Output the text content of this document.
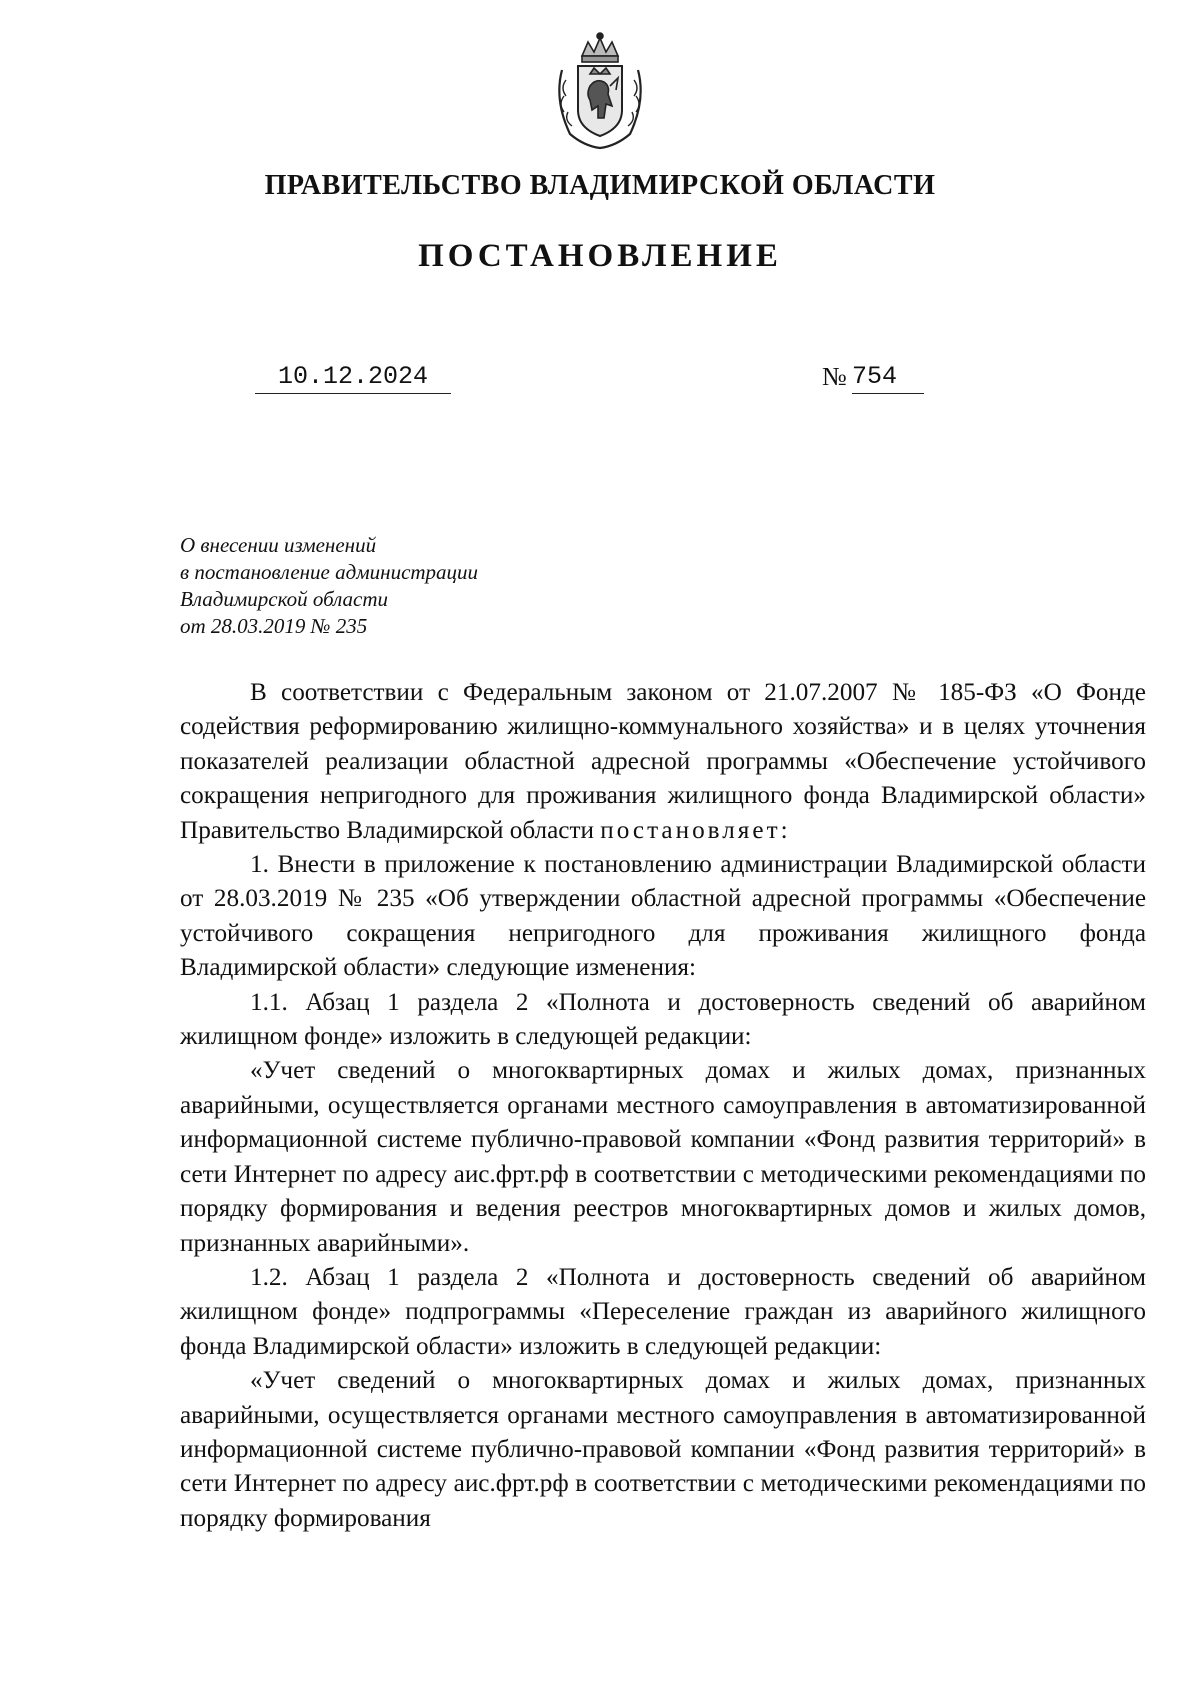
ПРАВИТЕЛЬСТВО ВЛАДИМИРСКОЙ ОБЛАСТИ
ПОСТАНОВЛЕНИЕ
10.12.2024	№ 754
О внесении изменений
в постановление администрации
Владимирской области
от 28.03.2019 № 235

В соответствии с Федеральным законом от 21.07.2007 № 185-ФЗ «О Фонде содействия реформированию жилищно-коммунального хозяйства» и в целях уточнения показателей реализации областной адресной программы «Обеспечение устойчивого сокращения непригодного для проживания жилищного фонда Владимирской области» Правительство Владимирской области постановляет:

1. Внести в приложение к постановлению администрации Владимирской области от 28.03.2019 № 235 «Об утверждении областной адресной программы «Обеспечение устойчивого сокращения непригодного для проживания жилищного фонда Владимирской области» следующие изменения:

1.1. Абзац 1 раздела 2 «Полнота и достоверность сведений об аварийном жилищном фонде» изложить в следующей редакции:

«Учет сведений о многоквартирных домах и жилых домах, признанных аварийными, осуществляется органами местного самоуправления в автоматизированной информационной системе публично-правовой компании «Фонд развития территорий» в сети Интернет по адресу аис.фрт.рф в соответствии с методическими рекомендациями по порядку формирования и ведения реестров многоквартирных домов и жилых домов, признанных аварийными».

1.2. Абзац 1 раздела 2 «Полнота и достоверность сведений об аварийном жилищном фонде» подпрограммы «Переселение граждан из аварийного жилищного фонда Владимирской области» изложить в следующей редакции:

«Учет сведений о многоквартирных домах и жилых домах, признанных аварийными, осуществляется органами местного самоуправления в автоматизированной информационной системе публично-правовой компании «Фонд развития территорий» в сети Интернет по адресу аис.фрт.рф в соответствии с методическими рекомендациями по порядку формирования
